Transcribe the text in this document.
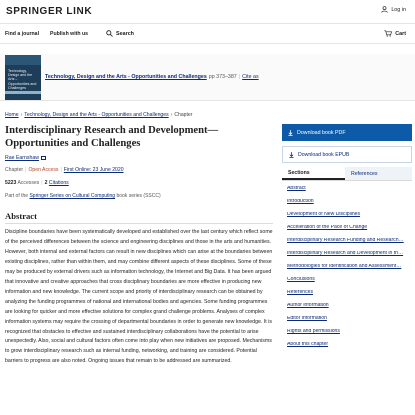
SPRINGER LINK	Log in
Find a journal Publish with us	Search	Cart
Technology, Design and the Arts – Opportunities and Challenges
Technology, Design and the Arts - Opportunities and Challenges pp 373–387 | Cite as
Home › Technology, Design and the Arts - Opportunities and Challenges › Chapter
Interdisciplinary Research and Development—Opportunities and Challenges
Rae Earnshaw
Chapter | Open Access | First Online: 23 June 2020
5223 Accesses | 2 Citations
Part of the Springer Series on Cultural Computing book series (SSCC)
Abstract

Discipline boundaries have been systematically developed and established over the last century which reflect some of the perceived differences between the science and engineering disciplines and those in the arts and humanities. However, both internal and external factors can result in new disciplines which can arise at the boundaries between existing disciplines, rather than within them, and may combine different aspects of these disciplines. Some of these may be produced by external drivers such as information technology, the Internet and Big Data. It has been argued that innovative and creative approaches that cross disciplinary boundaries are more effective in producing new information and new knowledge. The current scope and priority of interdisciplinary research can be obtained by analyzing the funding programmes of national and international bodies and agencies. Some funding programmes are looking for quicker and more effective solutions for complex grand challenge problems. Analyses of complex information systems may require the crossing of departmental boundaries in order to generate new knowledge. It is recognized that obstacles to effective and sustained interdisciplinary collaborations have the potential to arise unexpectedly. Also, social and cultural factors often come into play when new initiatives are proposed. Mechanisms to grow interdisciplinary research such as internal funding, networking, and training are considered. Potential barriers to progress are also noted. Ongoing issues that remain to be addressed are summarized.

Download book PDF
Download book EPUB
Sections	References
Abstract
Introduction
Development of New Disciplines
Acceleration of the Pace of Change
Interdisciplinary Research Funding and Research…
Interdisciplinary Research and Development in th…
Methodologies for Identification and Assessment…
Conclusions
References
Author information
Editor information
Rights and permissions
About this chapter
